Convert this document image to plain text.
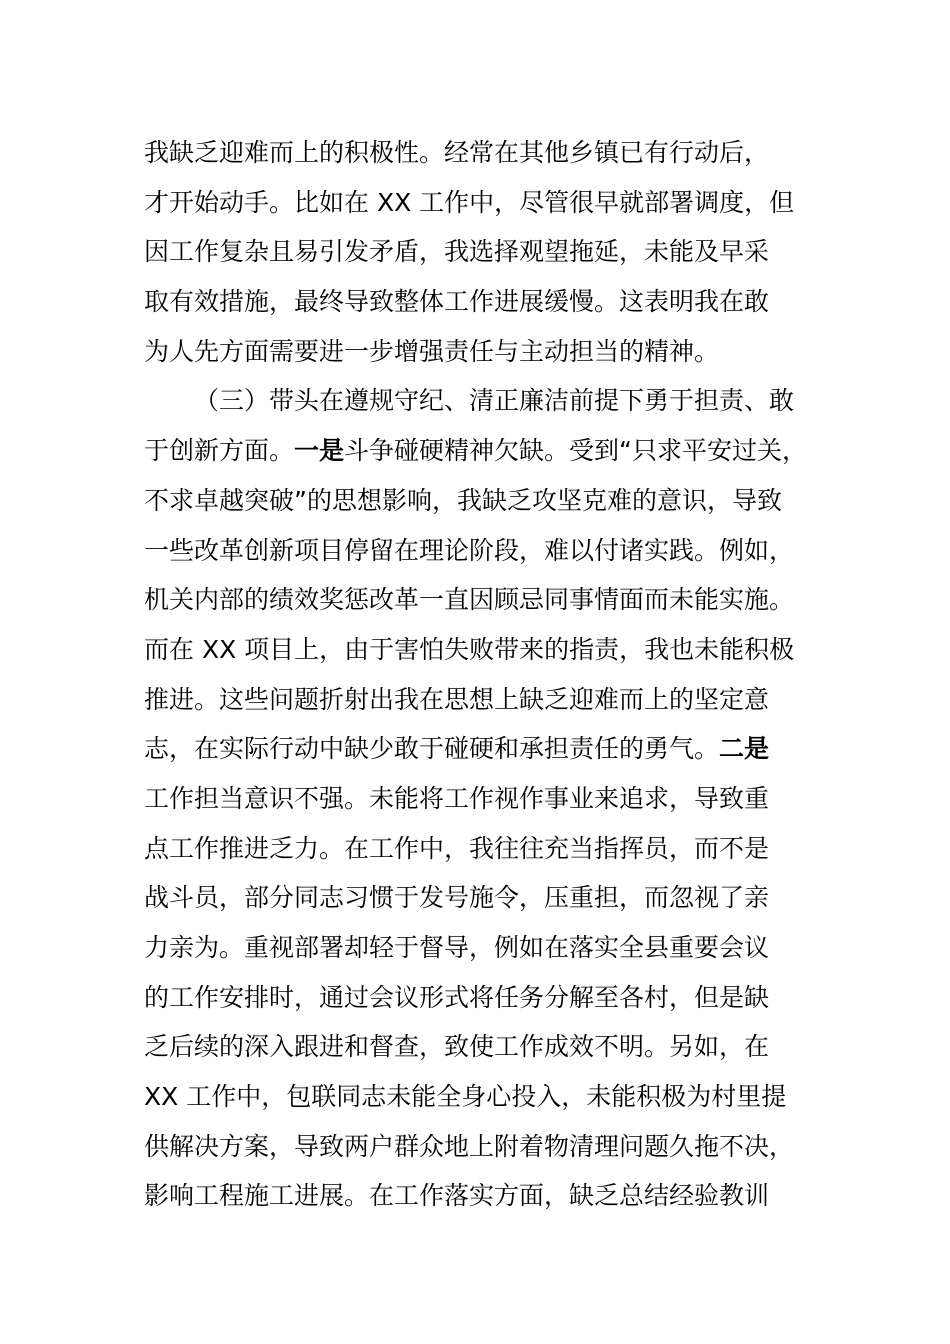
我缺乏迎难而上的积极性。经常在其他乡镇已有行动后，
才开始动手。比如在 XX 工作中，尽管很早就部署调度，但
因工作复杂且易引发矛盾，我选择观望拖延，未能及早采
取有效措施，最终导致整体工作进展缓慢。这表明我在敢
为人先方面需要进一步增强责任与主动担当的精神。
（三）带头在遵规守纪、清正廉洁前提下勇于担责、敢
于创新方面。一是斗争碰硬精神欠缺。受到“只求平安过关，
不求卓越突破”的思想影响，我缺乏攻坚克难的意识，导致
一些改革创新项目停留在理论阶段，难以付诸实践。例如，
机关内部的绩效奖惩改革一直因顾忌同事情面而未能实施。
而在 XX 项目上，由于害怕失败带来的指责，我也未能积极
推进。这些问题折射出我在思想上缺乏迎难而上的坚定意
志，在实际行动中缺少敢于碰硬和承担责任的勇气。二是
工作担当意识不强。未能将工作视作事业来追求，导致重
点工作推进乏力。在工作中，我往往充当指挥员，而不是
战斗员，部分同志习惯于发号施令，压重担，而忽视了亲
力亲为。重视部署却轻于督导，例如在落实全县重要会议
的工作安排时，通过会议形式将任务分解至各村，但是缺
乏后续的深入跟进和督查，致使工作成效不明。另如，在
XX 工作中，包联同志未能全身心投入，未能积极为村里提
供解决方案，导致两户群众地上附着物清理问题久拖不决，
影响工程施工进展。在工作落实方面，缺乏总结经验教训
